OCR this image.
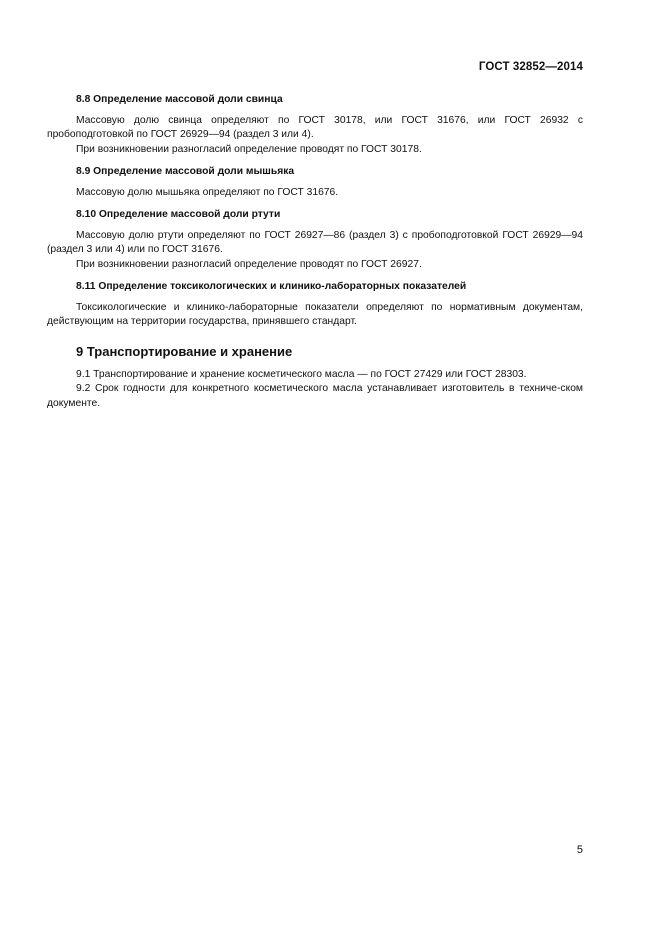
ГОСТ 32852—2014

8.8 Определение массовой доли свинца

Массовую долю свинца определяют по ГОСТ 30178, или ГОСТ 31676, или ГОСТ 26932 с пробоподготовкой по ГОСТ 26929—94 (раздел 3 или 4).

При возникновении разногласий определение проводят по ГОСТ 30178.

8.9 Определение массовой доли мышьяка

Массовую долю мышьяка определяют по ГОСТ 31676.

8.10 Определение массовой доли ртути

Массовую долю ртути определяют по ГОСТ 26927—86 (раздел 3) с пробоподготовкой ГОСТ 26929—94 (раздел 3 или 4) или по ГОСТ 31676.

При возникновении разногласий определение проводят по ГОСТ 26927.

8.11 Определение токсикологических и клинико-лабораторных показателей

Токсикологические и клинико-лабораторные показатели определяют по нормативным документам, действующим на территории государства, принявшего стандарт.

9 Транспортирование и хранение

9.1 Транспортирование и хранение косметического масла — по ГОСТ 27429 или ГОСТ 28303.

9.2 Срок годности для конкретного косметического масла устанавливает изготовитель в техниче-ском документе.

5
